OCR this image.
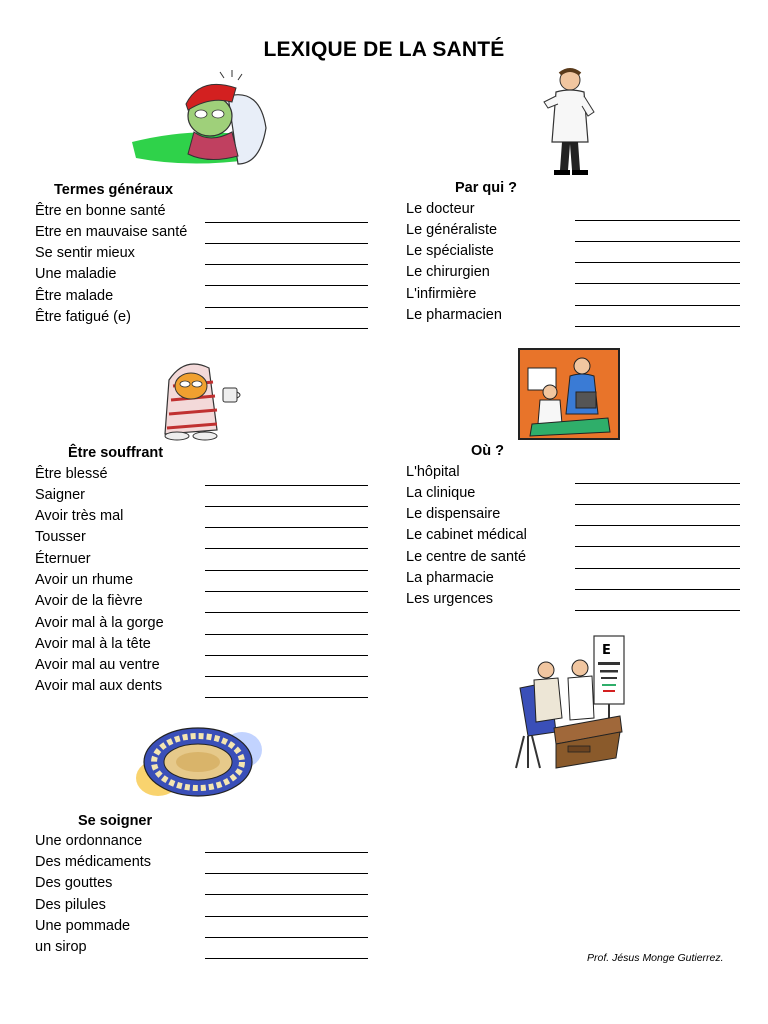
LEXIQUE DE LA SANTÉ
Termes généraux
Être en bonne santé
Etre en mauvaise santé
Se sentir mieux
Une maladie
Être malade
Être fatigué (e)
Par qui ?
Le docteur
Le généraliste
Le spécialiste
Le chirurgien
L'infirmière
Le pharmacien
Être souffrant
Être blessé
Saigner
Avoir très mal
Tousser
Éternuer
Avoir un rhume
Avoir de la fièvre
Avoir mal à la gorge
Avoir mal à la tête
Avoir mal au ventre
Avoir mal aux dents
Où ?
L'hôpital
La clinique
Le dispensaire
Le cabinet médical
Le centre de santé
La pharmacie
Les urgences
E
Se soigner
Une ordonnance
Des médicaments
Des gouttes
Des pilules
Une pommade
un sirop
Prof. Jésus Monge Gutierrez.
